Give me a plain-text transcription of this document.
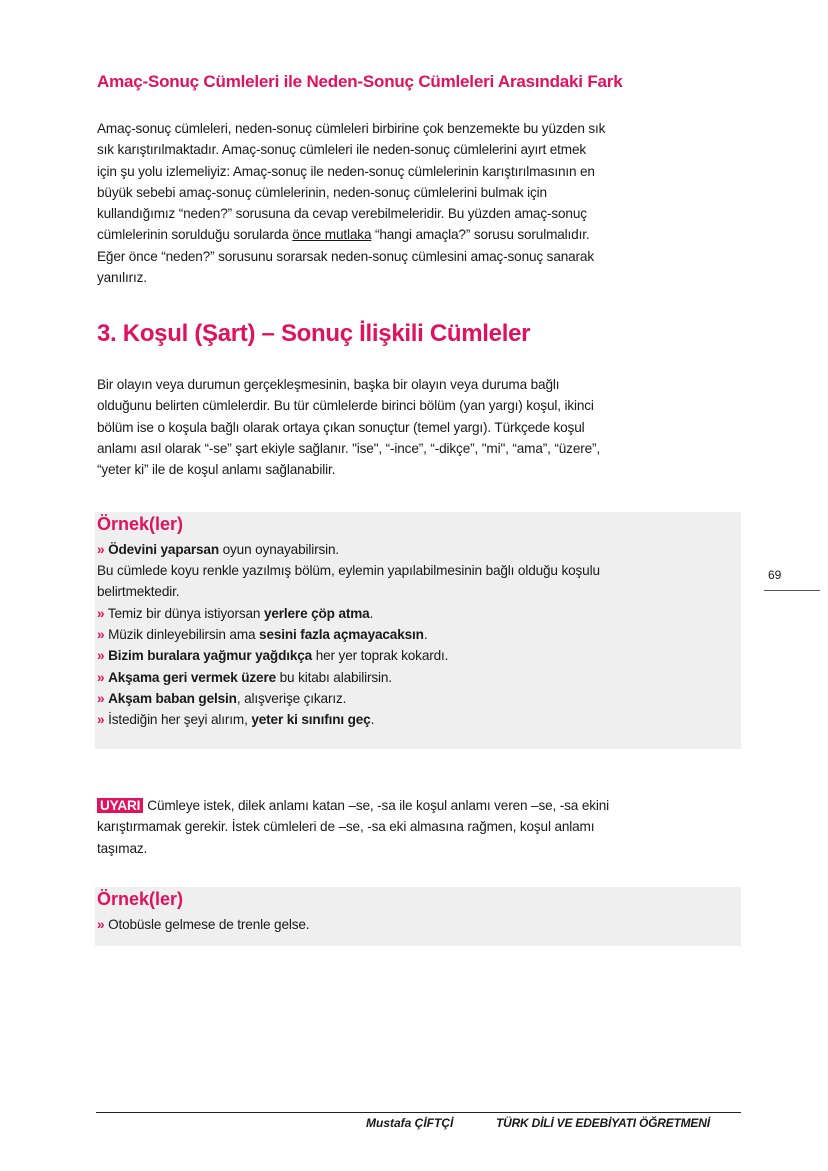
Amaç-Sonuç Cümleleri ile Neden-Sonuç Cümleleri Arasındaki Fark
Amaç-sonuç cümleleri, neden-sonuç cümleleri birbirine çok benzemekte bu yüzden sık
sık karıştırılmaktadır. Amaç-sonuç cümleleri ile neden-sonuç cümlelerini ayırt etmek
için şu yolu izlemeliyiz: Amaç-sonuç ile neden-sonuç cümlelerinin karıştırılmasının en
büyük sebebi amaç-sonuç cümlelerinin, neden-sonuç cümlelerini bulmak için
kullandığımız “neden?” sorusuna da cevap verebilmeleridir. Bu yüzden amaç-sonuç
cümlelerinin sorulduğu sorularda önce mutlaka “hangi amaçla?” sorusu sorulmalıdır.
Eğer önce “neden?” sorusunu sorarsak neden-sonuç cümlesini amaç-sonuç sanarak
yanılırız.
3. Koşul (Şart) – Sonuç İlişkili Cümleler
Bir olayın veya durumun gerçekleşmesinin, başka bir olayın veya duruma bağlı
olduğunu belirten cümlelerdir. Bu tür cümlelerde birinci bölüm (yan yargı) koşul, ikinci
bölüm ise o koşula bağlı olarak ortaya çıkan sonuçtur (temel yargı). Türkçede koşul
anlamı asıl olarak “-se” şart ekiyle sağlanır. "ise", “-ince”, “-dikçe”, "mi", “ama”, “üzere”,
“yeter ki” ile de koşul anlamı sağlanabilir.
Örnek(ler)
» Ödevini yaparsan oyun oynayabilirsin.
Bu cümlede koyu renkle yazılmış bölüm, eylemin yapılabilmesinin bağlı olduğu koşulu
belirtmektedir.
» Temiz bir dünya istiyorsan yerlere çöp atma.
» Müzik dinleyebilirsin ama sesini fazla açmayacaksın.
» Bizim buralara yağmur yağdıkça her yer toprak kokardı.
» Akşama geri vermek üzere bu kitabı alabilirsin.
» Akşam baban gelsin, alışverişe çıkarız.
» İstediğin her şeyi alırım, yeter ki sınıfını geç.
69
UYARI Cümleye istek, dilek anlamı katan –se, -sa ile koşul anlamı veren –se, -sa ekini
karıştırmamak gerekir. İstek cümleleri de –se, -sa eki almasına rağmen, koşul anlamı
taşımaz.
Örnek(ler)
» Otobüsle gelmese de trenle gelse.
Mustafa ÇİFTÇİ	TÜRK DİLİ VE EDEBİYATI ÖĞRETMENİ
